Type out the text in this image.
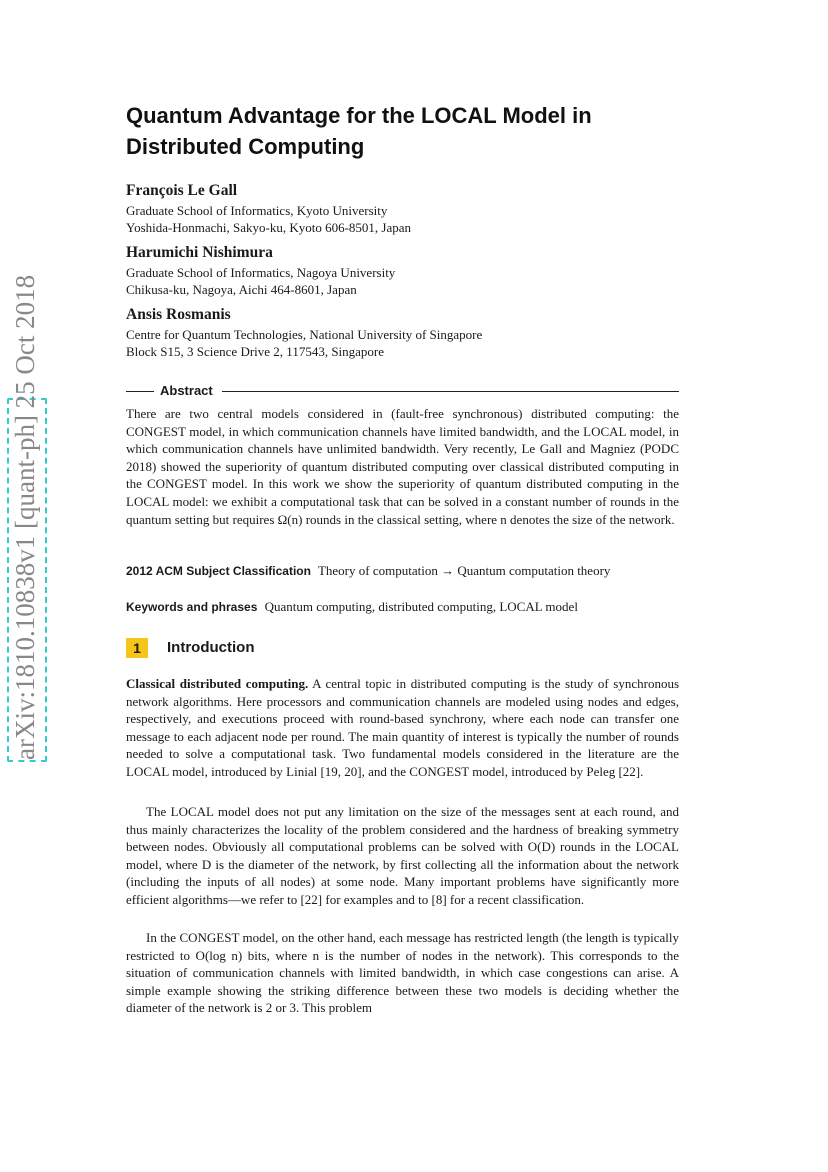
arXiv:1810.10838v1 [quant-ph] 25 Oct 2018
Quantum Advantage for the LOCAL Model in Distributed Computing
François Le Gall
Graduate School of Informatics, Kyoto University
Yoshida-Honmachi, Sakyo-ku, Kyoto 606-8501, Japan
Harumichi Nishimura
Graduate School of Informatics, Nagoya University
Chikusa-ku, Nagoya, Aichi 464-8601, Japan
Ansis Rosmanis
Centre for Quantum Technologies, National University of Singapore
Block S15, 3 Science Drive 2, 117543, Singapore
Abstract

There are two central models considered in (fault-free synchronous) distributed computing: the CONGEST model, in which communication channels have limited bandwidth, and the LOCAL model, in which communication channels have unlimited bandwidth. Very recently, Le Gall and Magniez (PODC 2018) showed the superiority of quantum distributed computing over classical distributed computing in the CONGEST model. In this work we show the superiority of quantum distributed computing in the LOCAL model: we exhibit a computational task that can be solved in a constant number of rounds in the quantum setting but requires Ω(n) rounds in the classical setting, where n denotes the size of the network.

2012 ACM Subject Classification Theory of computation → Quantum computation theory
Keywords and phrases Quantum computing, distributed computing, LOCAL model
1	Introduction

Classical distributed computing. A central topic in distributed computing is the study of synchronous network algorithms. Here processors and communication channels are modeled using nodes and edges, respectively, and executions proceed with round-based synchrony, where each node can transfer one message to each adjacent node per round. The main quantity of interest is typically the number of rounds needed to solve a computational task. Two fundamental models considered in the literature are the LOCAL model, introduced by Linial [19, 20], and the CONGEST model, introduced by Peleg [22].

The LOCAL model does not put any limitation on the size of the messages sent at each round, and thus mainly characterizes the locality of the problem considered and the hardness of breaking symmetry between nodes. Obviously all computational problems can be solved with O(D) rounds in the LOCAL model, where D is the diameter of the network, by first collecting all the information about the network (including the inputs of all nodes) at some node. Many important problems have significantly more efficient algorithms—we refer to [22] for examples and to [8] for a recent classification.

In the CONGEST model, on the other hand, each message has restricted length (the length is typically restricted to O(log n) bits, where n is the number of nodes in the network). This corresponds to the situation of communication channels with limited bandwidth, in which case congestions can arise. A simple example showing the striking difference between these two models is deciding whether the diameter of the network is 2 or 3. This problem
